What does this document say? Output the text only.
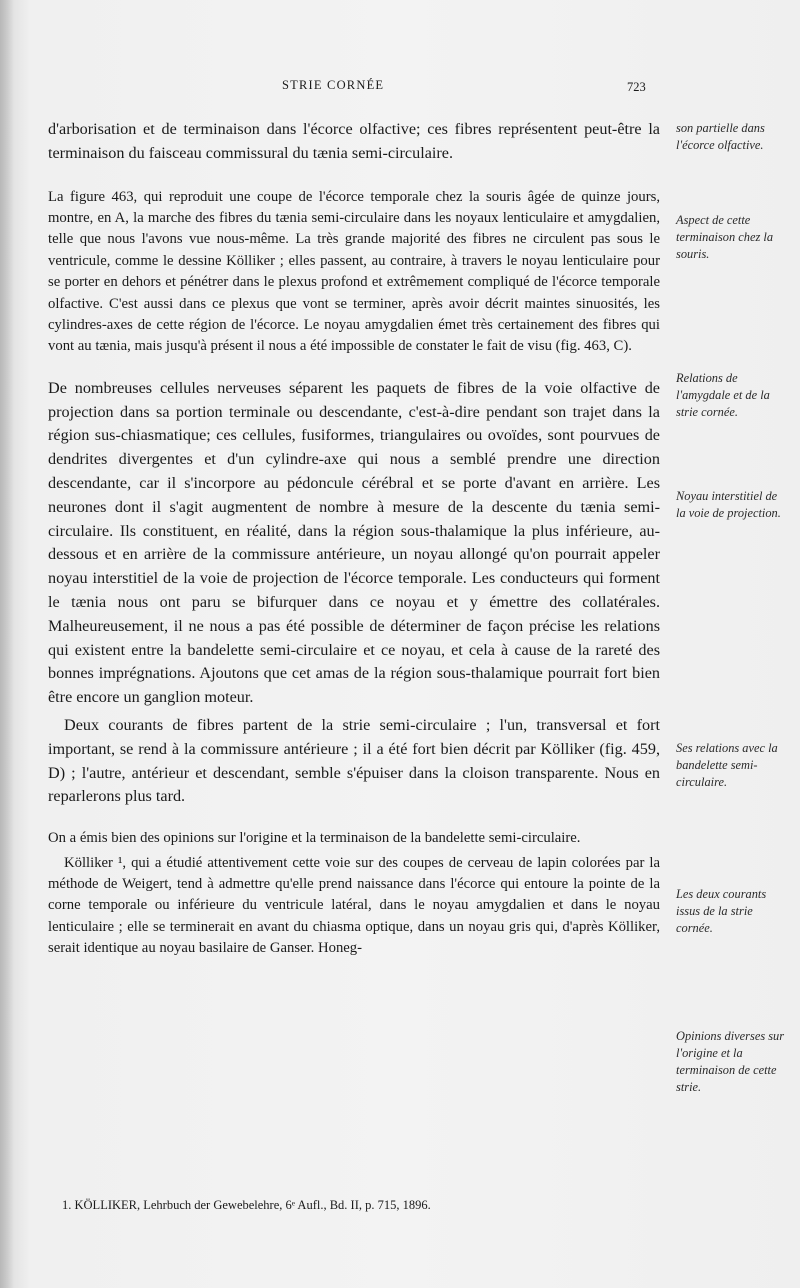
STRIE CORNÉE	723

d'arborisation et de terminaison dans l'écorce olfactive; ces fibres représentent peut-être la terminaison du faisceau commissural du tænia semi-circulaire.

La figure 463, qui reproduit une coupe de l'écorce temporale chez la souris âgée de quinze jours, montre, en A, la marche des fibres du tænia semi-circulaire dans les noyaux lenticulaire et amygdalien, telle que nous l'avons vue nous-même. La très grande majorité des fibres ne circulent pas sous le ventricule, comme le dessine Kölliker ; elles passent, au contraire, à travers le noyau lenticulaire pour se porter en dehors et pénétrer dans le plexus profond et extrêmement compliqué de l'écorce temporale olfactive. C'est aussi dans ce plexus que vont se terminer, après avoir décrit maintes sinuosités, les cylindres-axes de cette région de l'écorce. Le noyau amygdalien émet très certainement des fibres qui vont au tænia, mais jusqu'à présent il nous a été impossible de constater le fait de visu (fig. 463, C).

De nombreuses cellules nerveuses séparent les paquets de fibres de la voie olfactive de projection dans sa portion terminale ou descendante, c'est-à-dire pendant son trajet dans la région sus-chiasmatique; ces cellules, fusiformes, triangulaires ou ovoïdes, sont pourvues de dendrites divergentes et d'un cylindre-axe qui nous a semblé prendre une direction descendante, car il s'incorpore au pédoncule cérébral et se porte d'avant en arrière. Les neurones dont il s'agit augmentent de nombre à mesure de la descente du tænia semi-circulaire. Ils constituent, en réalité, dans la région sous-thalamique la plus inférieure, au-dessous et en arrière de la commissure antérieure, un noyau allongé qu'on pourrait appeler noyau interstitiel de la voie de projection de l'écorce temporale. Les conducteurs qui forment le tænia nous ont paru se bifurquer dans ce noyau et y émettre des collatérales. Malheureusement, il ne nous a pas été possible de déterminer de façon précise les relations qui existent entre la bandelette semi-circulaire et ce noyau, et cela à cause de la rareté des bonnes imprégnations. Ajoutons que cet amas de la région sous-thalamique pourrait fort bien être encore un ganglion moteur.

Deux courants de fibres partent de la strie semi-circulaire ; l'un, transversal et fort important, se rend à la commissure antérieure ; il a été fort bien décrit par Kölliker (fig. 459, D) ; l'autre, antérieur et descendant, semble s'épuiser dans la cloison transparente. Nous en reparlerons plus tard.

On a émis bien des opinions sur l'origine et la terminaison de la bandelette semi-circulaire.

Kölliker ¹, qui a étudié attentivement cette voie sur des coupes de cerveau de lapin colorées par la méthode de Weigert, tend à admettre qu'elle prend naissance dans l'écorce qui entoure la pointe de la corne temporale ou inférieure du ventricule latéral, dans le noyau amygdalien et dans le noyau lenticulaire ; elle se terminerait en avant du chiasma optique, dans un noyau gris qui, d'après Kölliker, serait identique au noyau basilaire de Ganser. Honeg-

son partielle dans l'écorce olfactive.
Aspect de cette terminaison chez la souris.
Relations de l'amygdale et de la strie cornée.
Noyau interstitiel de la voie de projection.
Ses relations avec la bandelette semi-circulaire.
Les deux courants issus de la strie cornée.
Opinions diverses sur l'origine et la terminaison de cette strie.
1. KÖLLIKER, Lehrbuch der Gewebelehre, 6ᵉ Aufl., Bd. II, p. 715, 1896.
